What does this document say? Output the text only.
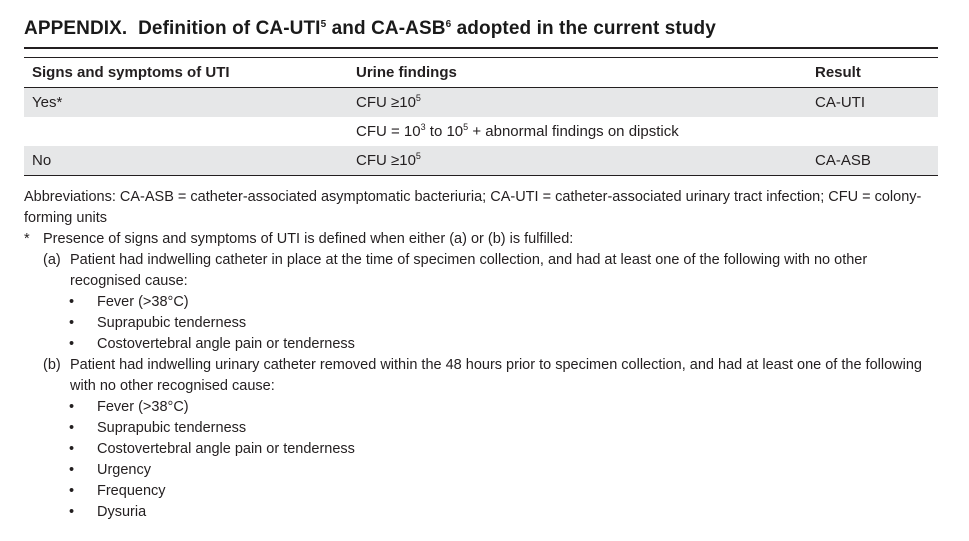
APPENDIX. Definition of CA-UTI$^5$ and CA-ASB$^6$ adopted in the current study
Signs and symptoms of UTI	Urine findings	Result
Yes*	CFU $\ge 10^5$	CA-UTI
	CFU = $10^3$ to $10^5$ + abnormal findings on dipstick	
No	CFU $\ge 10^5$	CA-ASB

Abbreviations: CA-ASB = catheter-associated asymptomatic bacteriuria; CA-UTI = catheter-associated urinary tract infection; CFU = colony-forming units

* Presence of signs and symptoms of UTI is defined when either (a) or (b) is fulfilled:
(a) Patient had indwelling catheter in place at the time of specimen collection, and had at least one of the following with no other recognised cause:
•	Fever (>38°C)
•	Suprapubic tenderness
•	Costovertebral angle pain or tenderness
(b) Patient had indwelling urinary catheter removed within the 48 hours prior to specimen collection, and had at least one of the following with no other recognised cause:
•	Fever (>38°C)
•	Suprapubic tenderness
•	Costovertebral angle pain or tenderness
•	Urgency
•	Frequency
•	Dysuria
